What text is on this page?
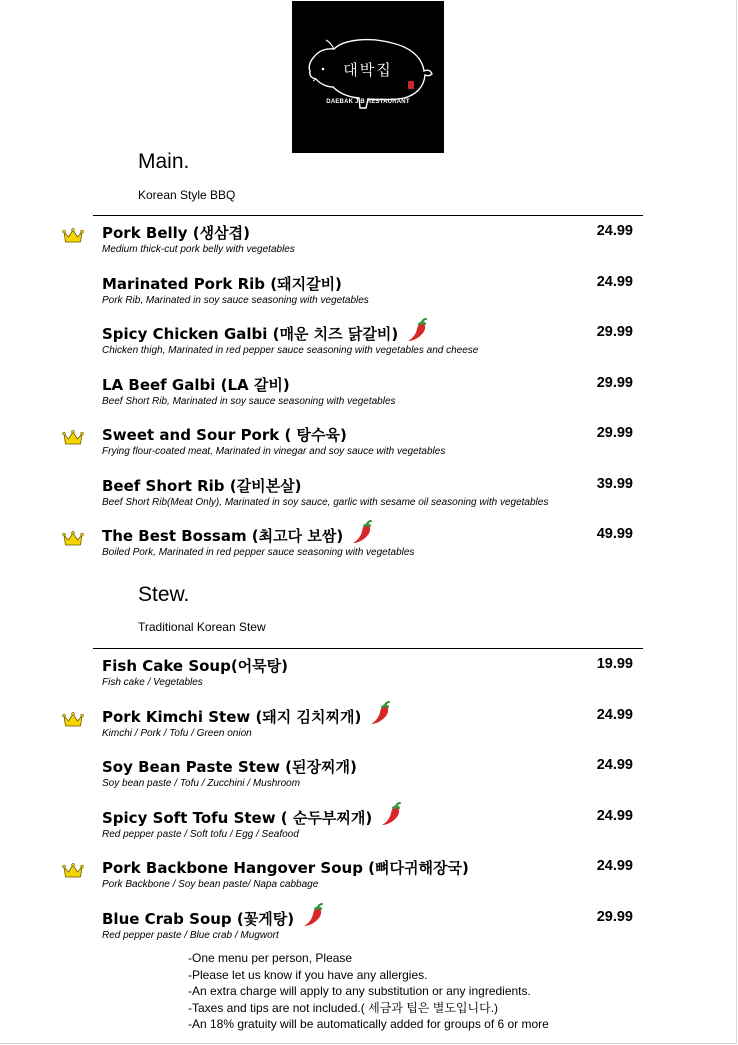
대박집
DAEBAK JIB RESTAURANT
Main.
Korean Style BBQ
Pork Belly (생삼겹)
Medium thick-cut pork belly with vegetables
24.99
Marinated Pork Rib (돼지갈비)
Pork Rib, Marinated in soy sauce seasoning with vegetables
24.99
Spicy Chicken Galbi (매운 치즈 닭갈비)
Chicken thigh, Marinated in red pepper sauce seasoning with vegetables and cheese
29.99
LA Beef Galbi (LA 갈비)
Beef Short Rib, Marinated in soy sauce seasoning with vegetables
29.99
Sweet and Sour Pork ( 탕수육)
Frying flour-coated meat, Marinated in vinegar and soy sauce with vegetables
29.99
Beef Short Rib (갈비본살)
Beef Short Rib(Meat Only), Marinated in soy sauce, garlic with sesame oil seasoning with vegetables
39.99
The Best Bossam (최고다 보쌈)
Boiled Pork, Marinated in red pepper sauce seasoning with vegetables
49.99
Stew.
Traditional Korean Stew
Fish Cake Soup(어묵탕)
Fish cake / Vegetables
19.99
Pork Kimchi Stew (돼지 김치찌개)
Kimchi / Pork / Tofu / Green onion
24.99
Soy Bean Paste Stew (된장찌개)
Soy bean paste / Tofu / Zucchini / Mushroom
24.99
Spicy Soft Tofu Stew ( 순두부찌개)
Red pepper paste / Soft tofu / Egg / Seafood
24.99
Pork Backbone Hangover Soup (뼈다귀해장국)
Pork Backbone / Soy bean paste/ Napa cabbage
24.99
Blue Crab Soup (꽃게탕)
Red pepper paste / Blue crab / Mugwort
29.99
-One menu per person, Please
-Please let us know if you have any allergies.
-An extra charge will apply to any substitution or any ingredients.
-Taxes and tips are not included.( 세금과 팁은 별도입니다.)
-An 18% gratuity will be automatically added for groups of 6 or more
